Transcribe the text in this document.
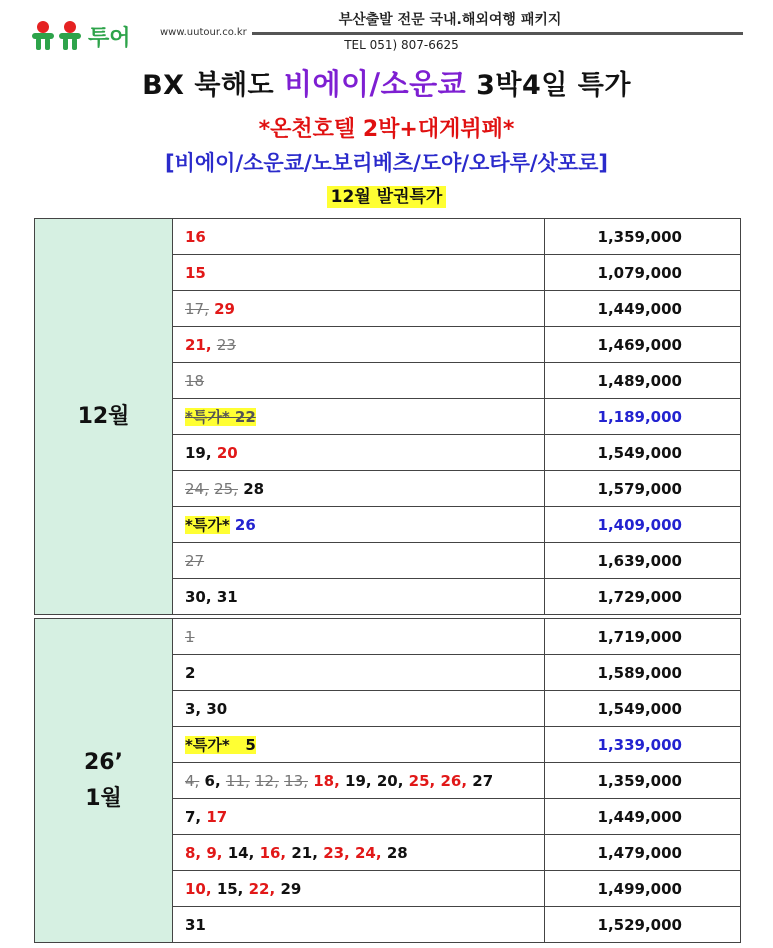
투어	www.uutour.co.kr
부산출발 전문 국내.해외여행 패키지
TEL 051) 807-6625
BX 북해도 비에이/소운쿄 3박4일 특가
*온천호텔 2박+대게뷔페*
[비에이/소운쿄/노보리베츠/도야/오타루/삿포로]
12월 발권특가
12월	16	1,359,000
	15	1,079,000
	17, 29	1,449,000
	21, 23	1,469,000
	18	1,489,000
	*특가* 22	1,189,000
	19, 20	1,549,000
	24, 25, 28	1,579,000
	*특가* 26	1,409,000
	27	1,639,000
	30, 31	1,729,000
26’
1월	1	1,719,000
	2	1,589,000
	3, 30	1,549,000
	*특가*   5	1,339,000
	4, 6, 11, 12, 13, 18, 19, 20, 25, 26, 27	1,359,000
	7, 17	1,449,000
	8, 9, 14, 16, 21, 23, 24, 28	1,479,000
	10, 15, 22, 29	1,499,000
	31	1,529,000
